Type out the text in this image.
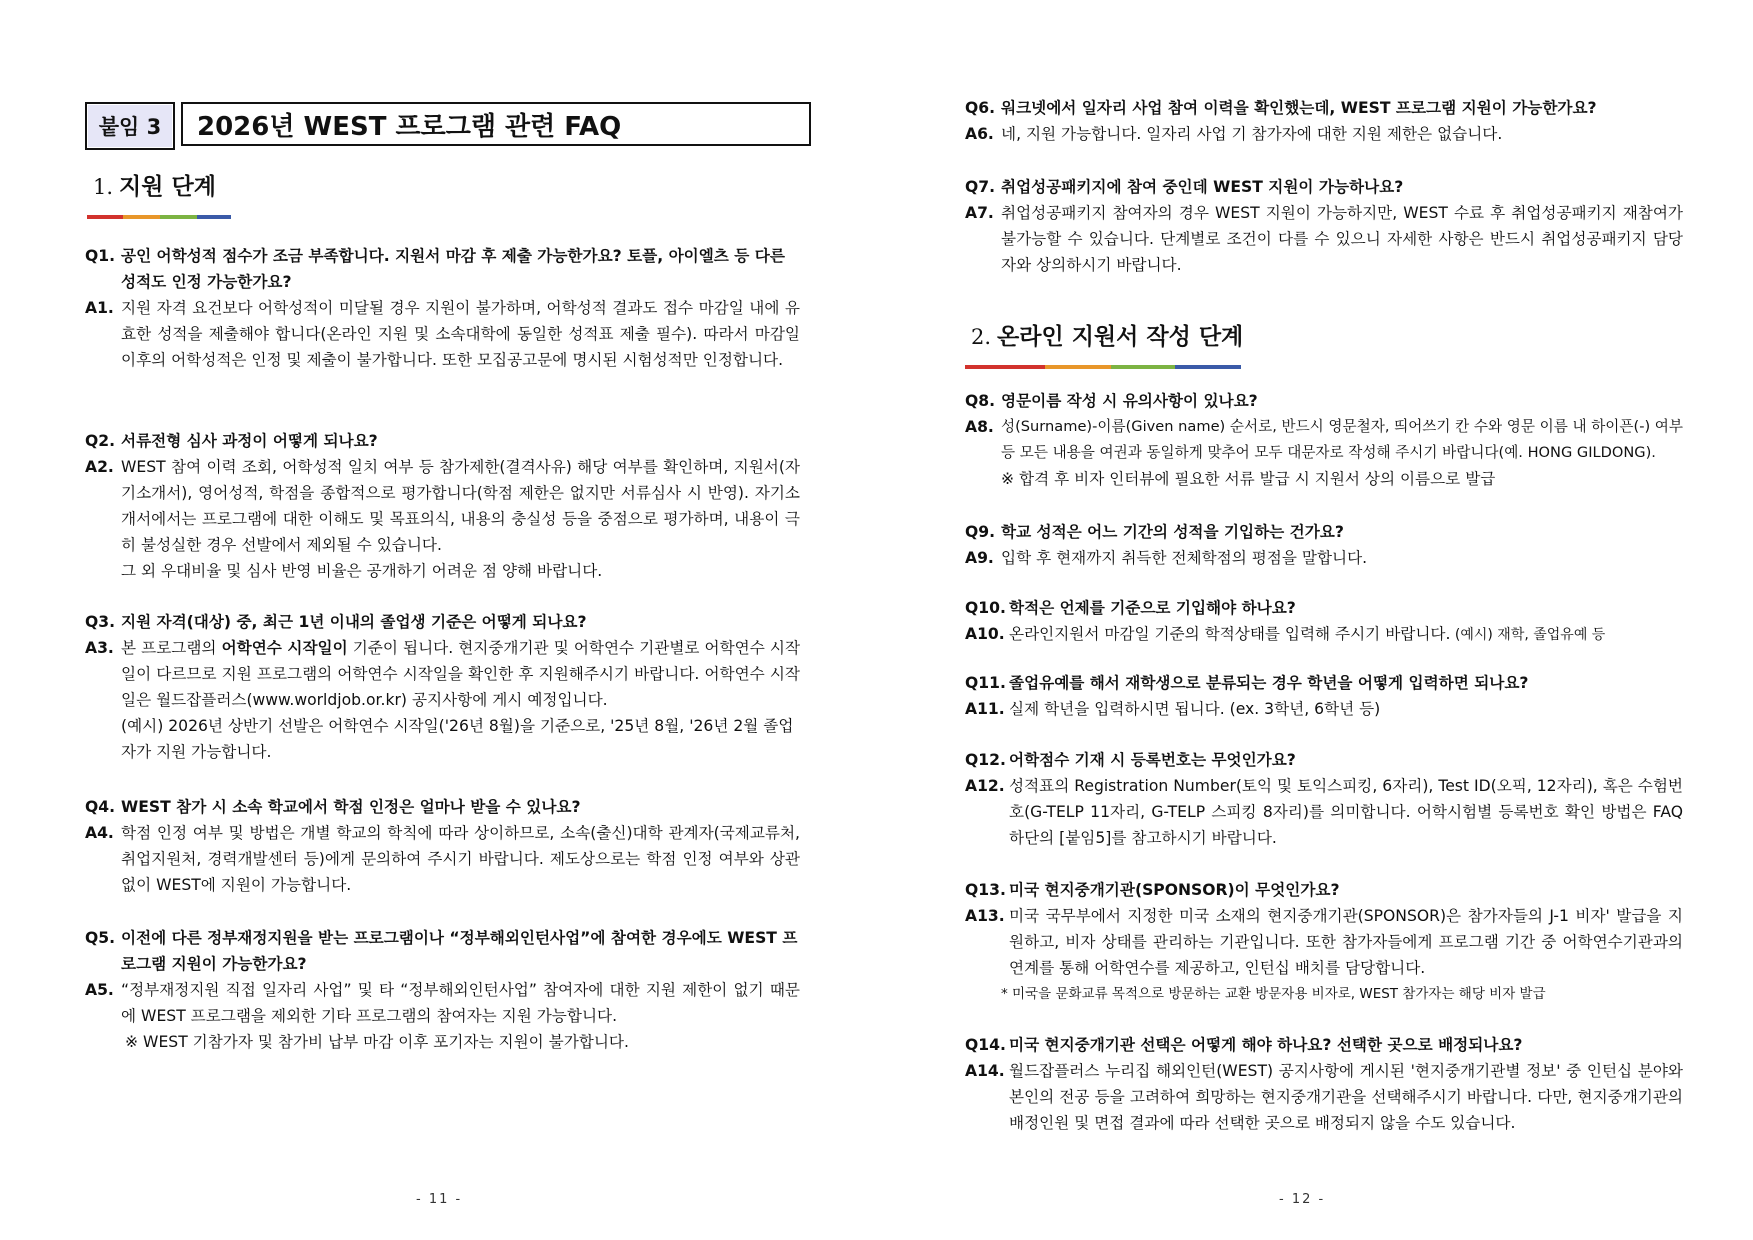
붙임 3	2026년 WEST 프로그램 관련 FAQ
1. 지원 단계
Q1. 공인 어학성적 점수가 조금 부족합니다. 지원서 마감 후 제출 가능한가요? 토플, 아이엘츠 등 다른 성적도 인정 가능한가요?
A1. 지원 자격 요건보다 어학성적이 미달될 경우 지원이 불가하며, 어학성적 결과도 접수 마감일 내에 유효한 성적을 제출해야 합니다(온라인 지원 및 소속대학에 동일한 성적표 제출 필수). 따라서 마감일 이후의 어학성적은 인정 및 제출이 불가합니다. 또한 모집공고문에 명시된 시험성적만 인정합니다.
Q2. 서류전형 심사 과정이 어떻게 되나요?
A2. WEST 참여 이력 조회, 어학성적 일치 여부 등 참가제한(결격사유) 해당 여부를 확인하며, 지원서(자기소개서), 영어성적, 학점을 종합적으로 평가합니다(학점 제한은 없지만 서류심사 시 반영). 자기소개서에서는 프로그램에 대한 이해도 및 목표의식, 내용의 충실성 등을 중점으로 평가하며, 내용이 극히 불성실한 경우 선발에서 제외될 수 있습니다.
그 외 우대비율 및 심사 반영 비율은 공개하기 어려운 점 양해 바랍니다.
Q3. 지원 자격(대상) 중, 최근 1년 이내의 졸업생 기준은 어떻게 되나요?
A3. 본 프로그램의 어학연수 시작일이 기준이 됩니다. 현지중개기관 및 어학연수 기관별로 어학연수 시작일이 다르므로 지원 프로그램의 어학연수 시작일을 확인한 후 지원해주시기 바랍니다. 어학연수 시작일은 월드잡플러스(www.worldjob.or.kr) 공지사항에 게시 예정입니다.
(예시) 2026년 상반기 선발은 어학연수 시작일('26년 8월)을 기준으로, '25년 8월, '26년 2월 졸업자가 지원 가능합니다.
Q4. WEST 참가 시 소속 학교에서 학점 인정은 얼마나 받을 수 있나요?
A4. 학점 인정 여부 및 방법은 개별 학교의 학칙에 따라 상이하므로, 소속(출신)대학 관계자(국제교류처, 취업지원처, 경력개발센터 등)에게 문의하여 주시기 바랍니다. 제도상으로는 학점 인정 여부와 상관없이 WEST에 지원이 가능합니다.
Q5. 이전에 다른 정부재정지원을 받는 프로그램이나 “정부해외인턴사업”에 참여한 경우에도 WEST 프로그램 지원이 가능한가요?
A5. “정부재정지원 직접 일자리 사업” 및 타 “정부해외인턴사업” 참여자에 대한 지원 제한이 없기 때문에 WEST 프로그램을 제외한 기타 프로그램의 참여자는 지원 가능합니다.
※ WEST 기참가자 및 참가비 납부 마감 이후 포기자는 지원이 불가합니다.
- 11 -
Q6. 워크넷에서 일자리 사업 참여 이력을 확인했는데, WEST 프로그램 지원이 가능한가요?
A6. 네, 지원 가능합니다. 일자리 사업 기 참가자에 대한 지원 제한은 없습니다.
Q7. 취업성공패키지에 참여 중인데 WEST 지원이 가능하나요?
A7. 취업성공패키지 참여자의 경우 WEST 지원이 가능하지만, WEST 수료 후 취업성공패키지 재참여가 불가능할 수 있습니다. 단계별로 조건이 다를 수 있으니 자세한 사항은 반드시 취업성공패키지 담당자와 상의하시기 바랍니다.
2. 온라인 지원서 작성 단계
Q8. 영문이름 작성 시 유의사항이 있나요?
A8. 성(Surname)-이름(Given name) 순서로, 반드시 영문철자, 띄어쓰기 칸 수와 영문 이름 내 하이픈(-) 여부 등 모든 내용을 여권과 동일하게 맞추어 모두 대문자로 작성해 주시기 바랍니다(예. HONG GILDONG).
※ 합격 후 비자 인터뷰에 필요한 서류 발급 시 지원서 상의 이름으로 발급
Q9. 학교 성적은 어느 기간의 성적을 기입하는 건가요?
A9. 입학 후 현재까지 취득한 전체학점의 평점을 말합니다.
Q10. 학적은 언제를 기준으로 기입해야 하나요?
A10. 온라인지원서 마감일 기준의 학적상태를 입력해 주시기 바랍니다. (예시) 재학, 졸업유예 등
Q11. 졸업유예를 해서 재학생으로 분류되는 경우 학년을 어떻게 입력하면 되나요?
A11. 실제 학년을 입력하시면 됩니다. (ex. 3학년, 6학년 등)
Q12. 어학점수 기재 시 등록번호는 무엇인가요?
A12. 성적표의 Registration Number(토익 및 토익스피킹, 6자리), Test ID(오픽, 12자리), 혹은 수험번호(G-TELP 11자리, G-TELP 스피킹 8자리)를 의미합니다. 어학시험별 등록번호 확인 방법은 FAQ 하단의 [붙임5]를 참고하시기 바랍니다.
Q13. 미국 현지중개기관(SPONSOR)이 무엇인가요?
A13. 미국 국무부에서 지정한 미국 소재의 현지중개기관(SPONSOR)은 참가자들의 J-1 비자' 발급을 지원하고, 비자 상태를 관리하는 기관입니다. 또한 참가자들에게 프로그램 기간 중 어학연수기관과의 연계를 통해 어학연수를 제공하고, 인턴십 배치를 담당합니다.
* 미국을 문화교류 목적으로 방문하는 교환 방문자용 비자로, WEST 참가자는 해당 비자 발급
Q14. 미국 현지중개기관 선택은 어떻게 해야 하나요? 선택한 곳으로 배정되나요?
A14. 월드잡플러스 누리집 해외인턴(WEST) 공지사항에 게시된 '현지중개기관별 정보' 중 인턴십 분야와 본인의 전공 등을 고려하여 희망하는 현지중개기관을 선택해주시기 바랍니다. 다만, 현지중개기관의 배정인원 및 면접 결과에 따라 선택한 곳으로 배정되지 않을 수도 있습니다.
- 12 -
